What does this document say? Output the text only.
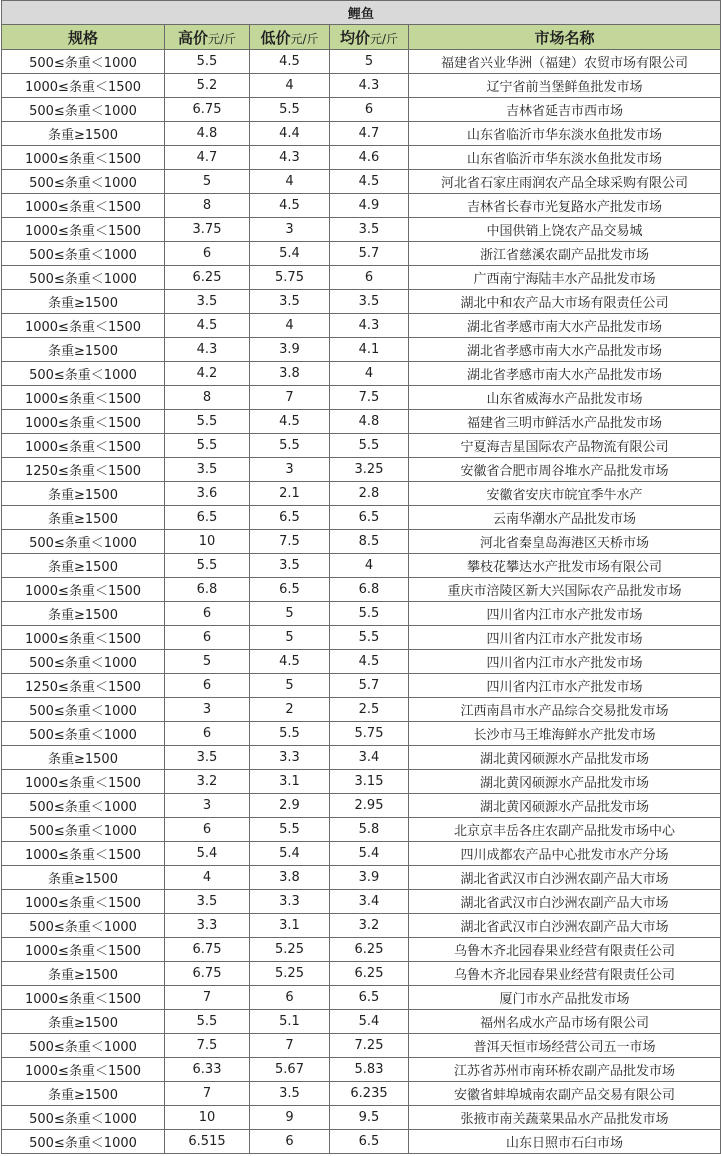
鲤鱼				
规格	高价元/斤	低价元/斤	均价元/斤	市场名称
500≤条重＜1000	5.5	4.5	5	福建省兴业华洲（福建）农贸市场有限公司
1000≤条重＜1500	5.2	4	4.3	辽宁省前当堡鲜鱼批发市场
500≤条重＜1000	6.75	5.5	6	吉林省延吉市西市场
条重≥1500	4.8	4.4	4.7	山东省临沂市华东淡水鱼批发市场
1000≤条重＜1500	4.7	4.3	4.6	山东省临沂市华东淡水鱼批发市场
500≤条重＜1000	5	4	4.5	河北省石家庄雨润农产品全球采购有限公司
1000≤条重＜1500	8	4.5	4.9	吉林省长春市光复路水产批发市场
1000≤条重＜1500	3.75	3	3.5	中国供销上饶农产品交易城
500≤条重＜1000	6	5.4	5.7	浙江省慈溪农副产品批发市场
500≤条重＜1000	6.25	5.75	6	广西南宁海陆丰水产品批发市场
条重≥1500	3.5	3.5	3.5	湖北中和农产品大市场有限责任公司
1000≤条重＜1500	4.5	4	4.3	湖北省孝感市南大水产品批发市场
条重≥1500	4.3	3.9	4.1	湖北省孝感市南大水产品批发市场
500≤条重＜1000	4.2	3.8	4	湖北省孝感市南大水产品批发市场
1000≤条重＜1500	8	7	7.5	山东省威海水产品批发市场
1000≤条重＜1500	5.5	4.5	4.8	福建省三明市鲜活水产品批发市场
1000≤条重＜1500	5.5	5.5	5.5	宁夏海吉星国际农产品物流有限公司
1250≤条重＜1500	3.5	3	3.25	安徽省合肥市周谷堆水产品批发市场
条重≥1500	3.6	2.1	2.8	安徽省安庆市皖宜季牛水产
条重≥1500	6.5	6.5	6.5	云南华潮水产品批发市场
500≤条重＜1000	10	7.5	8.5	河北省秦皇岛海港区天桥市场
条重≥1500	5.5	3.5	4	攀枝花攀达水产批发市场有限公司
1000≤条重＜1500	6.8	6.5	6.8	重庆市涪陵区新大兴国际农产品批发市场
条重≥1500	6	5	5.5	四川省内江市水产批发市场
1000≤条重＜1500	6	5	5.5	四川省内江市水产批发市场
500≤条重＜1000	5	4.5	4.5	四川省内江市水产批发市场
1250≤条重＜1500	6	5	5.7	四川省内江市水产批发市场
500≤条重＜1000	3	2	2.5	江西南昌市水产品综合交易批发市场
500≤条重＜1000	6	5.5	5.75	长沙市马王堆海鲜水产批发市场
条重≥1500	3.5	3.3	3.4	湖北黄冈硕源水产品批发市场
1000≤条重＜1500	3.2	3.1	3.15	湖北黄冈硕源水产品批发市场
500≤条重＜1000	3	2.9	2.95	湖北黄冈硕源水产品批发市场
500≤条重＜1000	6	5.5	5.8	北京京丰岳各庄农副产品批发市场中心
1000≤条重＜1500	5.4	5.4	5.4	四川成都农产品中心批发市水产分场
条重≥1500	4	3.8	3.9	湖北省武汉市白沙洲农副产品大市场
1000≤条重＜1500	3.5	3.3	3.4	湖北省武汉市白沙洲农副产品大市场
500≤条重＜1000	3.3	3.1	3.2	湖北省武汉市白沙洲农副产品大市场
1000≤条重＜1500	6.75	5.25	6.25	乌鲁木齐北园春果业经营有限责任公司
条重≥1500	6.75	5.25	6.25	乌鲁木齐北园春果业经营有限责任公司
1000≤条重＜1500	7	6	6.5	厦门市水产品批发市场
条重≥1500	5.5	5.1	5.4	福州名成水产品市场有限公司
500≤条重＜1000	7.5	7	7.25	普洱天恒市场经营公司五一市场
1000≤条重＜1500	6.33	5.67	5.83	江苏省苏州市南环桥农副产品批发市场
条重≥1500	7	3.5	6.235	安徽省蚌埠城南农副产品交易有限公司
500≤条重＜1000	10	9	9.5	张掖市南关蔬菜果品水产品批发市场
500≤条重＜1000	6.515	6	6.5	山东日照市石臼市场
